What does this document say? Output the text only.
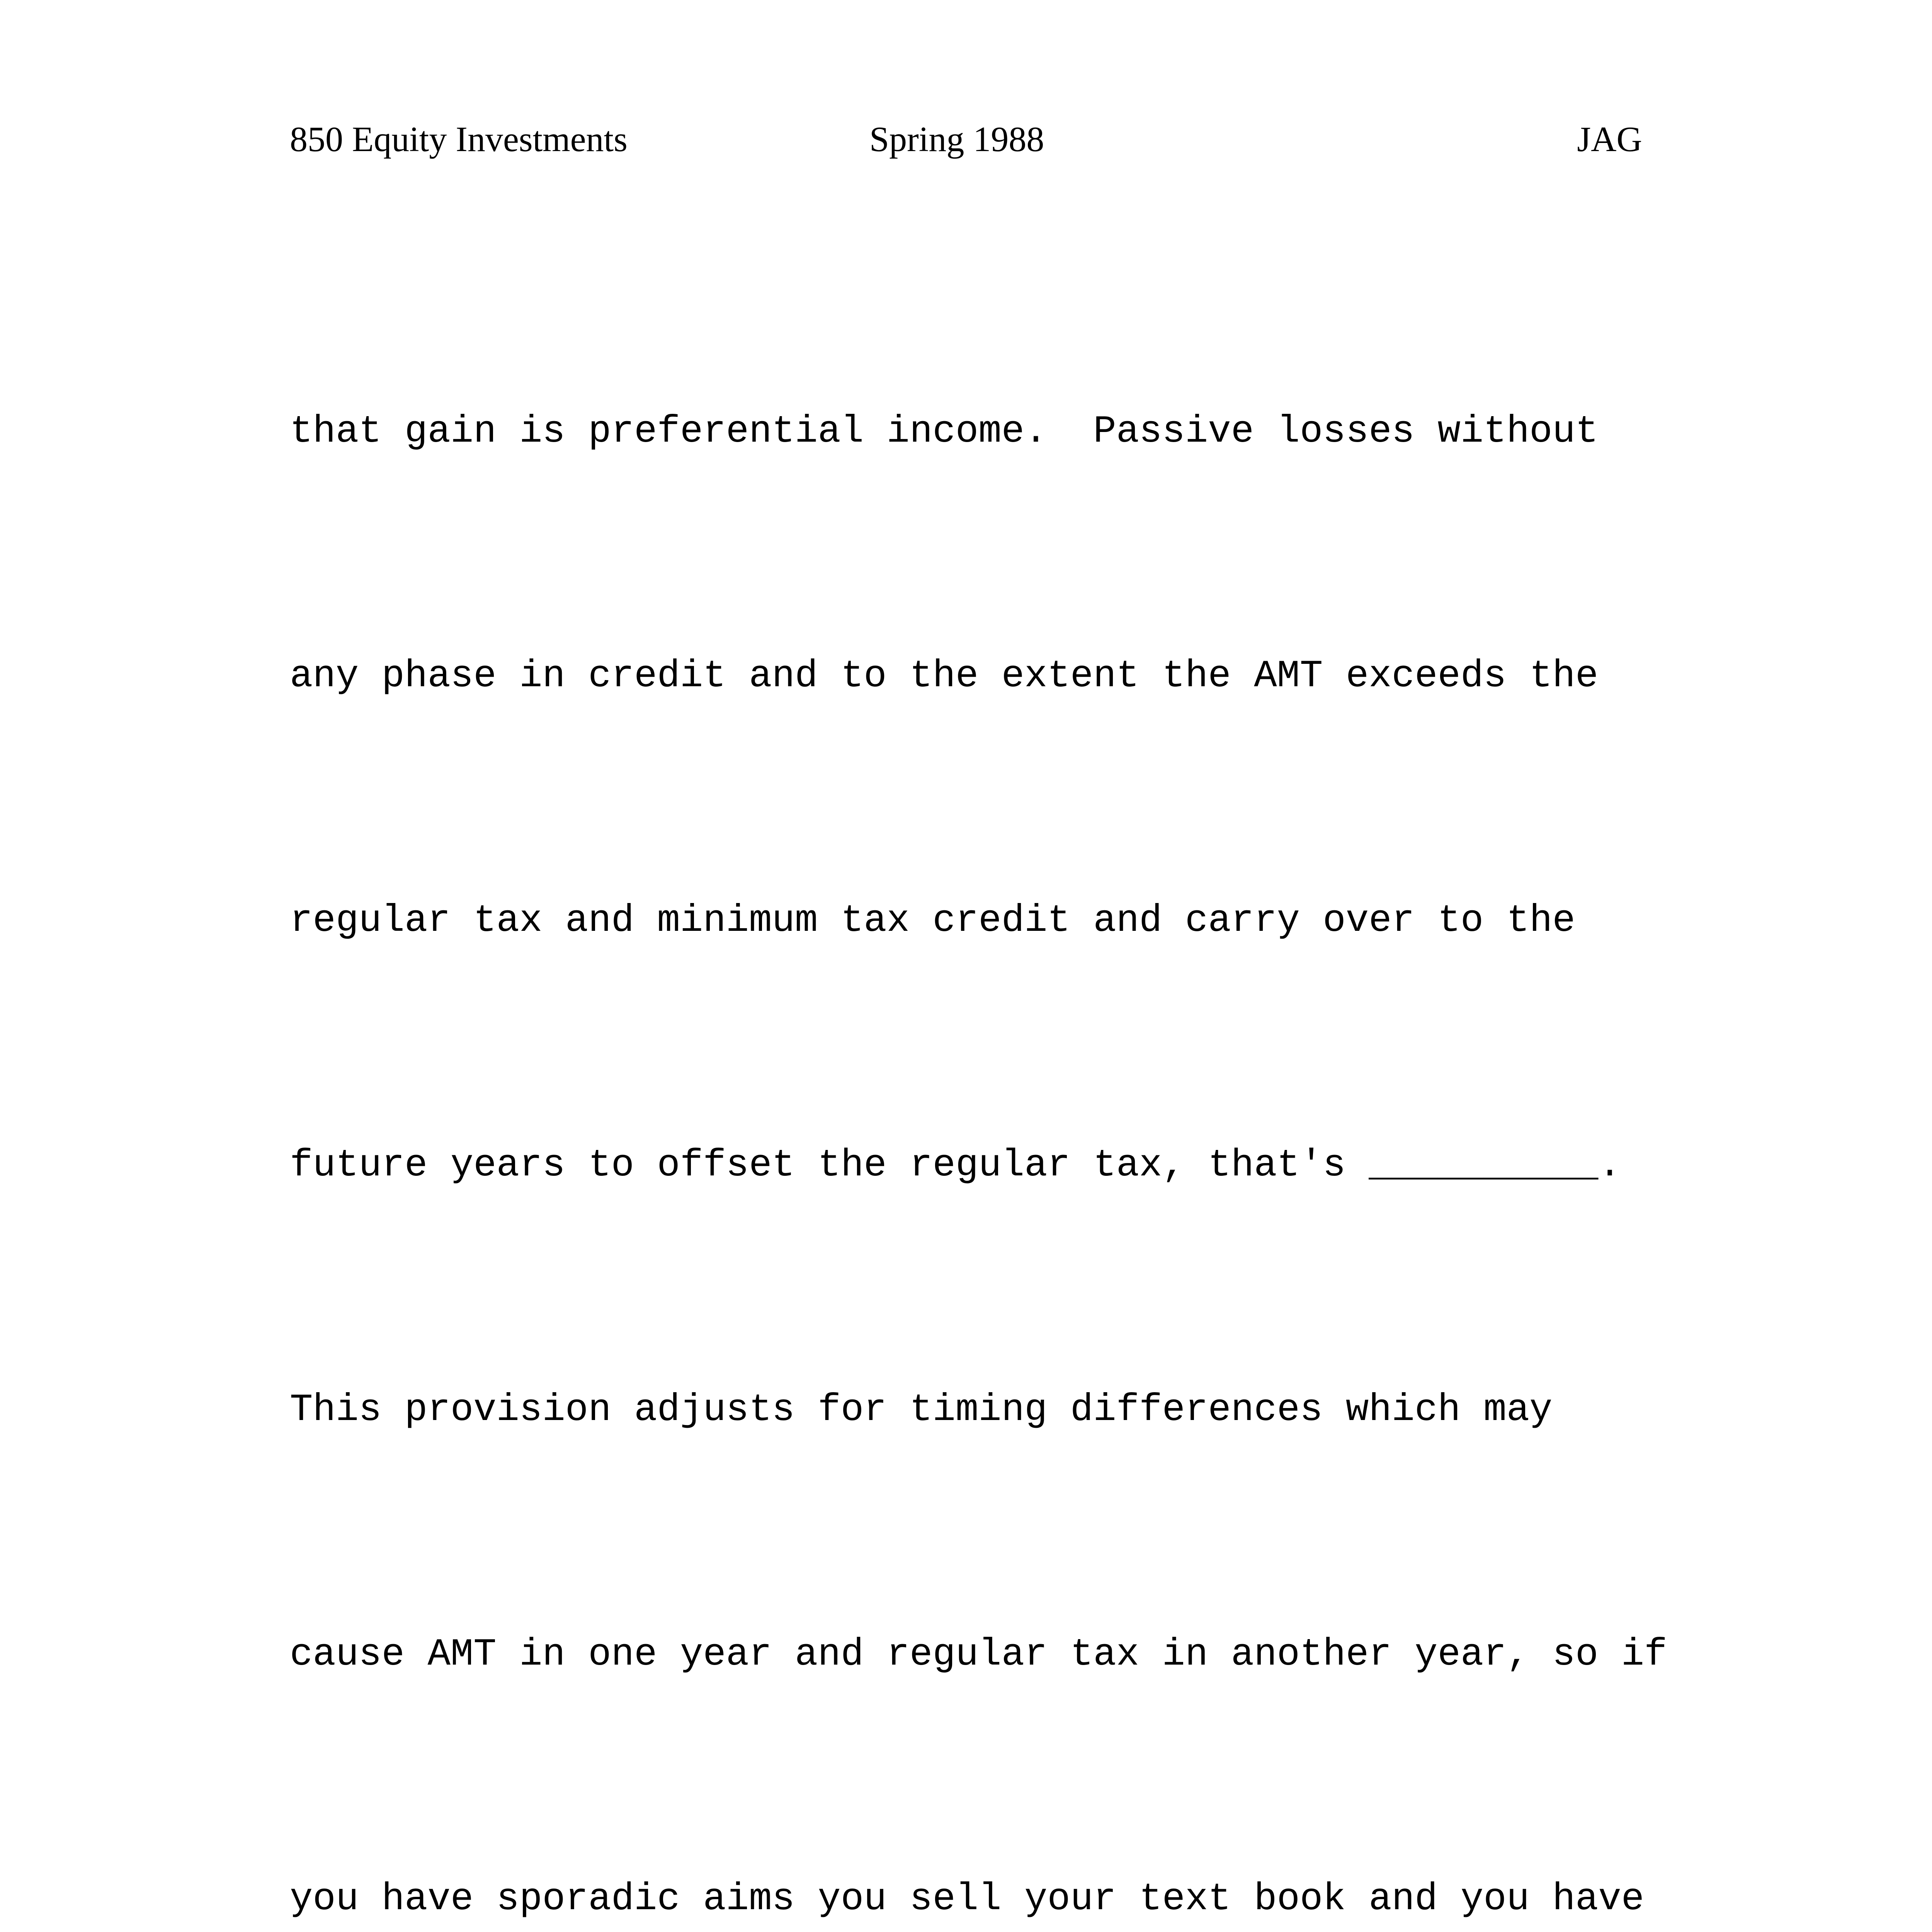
850 Equity Investments	Spring 1988	JAG

that gain is preferential income.  Passive losses without

any phase in credit and to the extent the AMT exceeds the

regular tax and minimum tax credit and carry over to the

future years to offset the regular tax, that's __________.

This provision adjusts for timing differences which may

cause AMT in one year and regular tax in another year, so if

you have sporadic aims you sell your text book and you have
